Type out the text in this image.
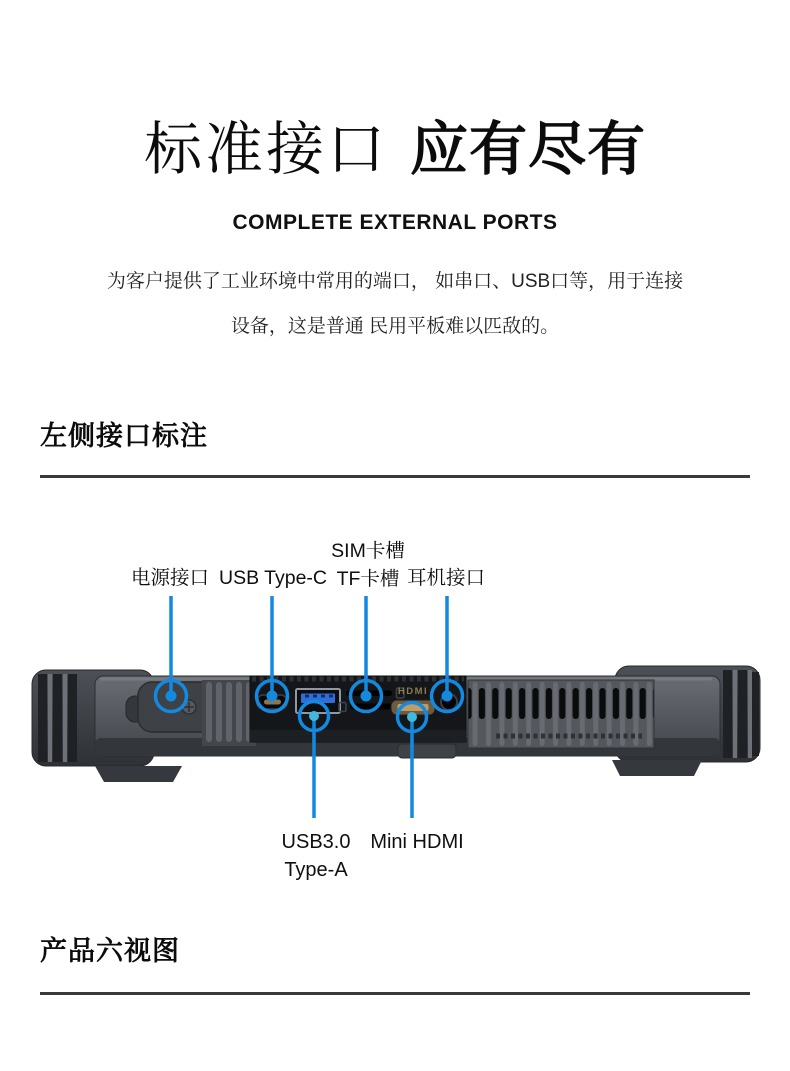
标准接口 应有尽有
COMPLETE EXTERNAL PORTS
为客户提供了工业环境中常用的端口， 如串口、USB口等，用于连接
设备，这是普通 民用平板难以匹敌的。
左侧接口标注
HDMI
电源接口 USB Type-C
SIM卡槽
TF卡槽 耳机接口
USB3.0
Type-A
Mini HDMI
产品六视图
